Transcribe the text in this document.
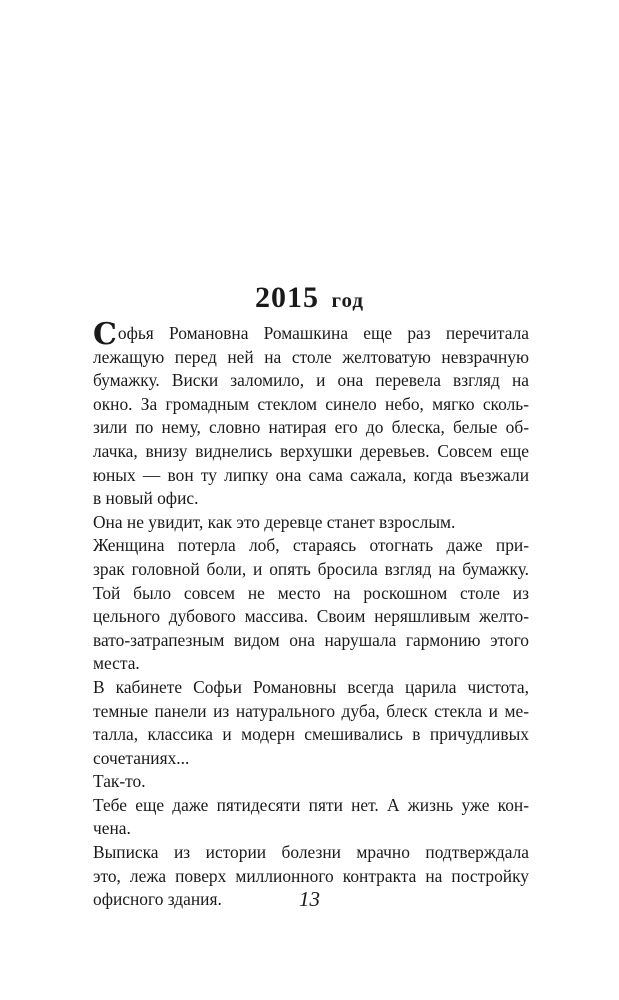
2015 год
Софья Романовна Ромашкина еще раз перечитала
лежащую перед ней на столе желтоватую невзрачную
бумажку. Виски заломило, и она перевела взгляд на
окно. За громадным стеклом синело небо, мягко сколь-
зили по нему, словно натирая его до блеска, белые об-
лачка, внизу виднелись верхушки деревьев. Совсем еще
юных — вон ту липку она сама сажала, когда въезжали
в новый офис.
Она не увидит, как это деревце станет взрослым.
Женщина потерла лоб, стараясь отогнать даже при-
зрак головной боли, и опять бросила взгляд на бумажку.
Той было совсем не место на роскошном столе из
цельного дубового массива. Своим неряшливым желто-
вато-затрапезным видом она нарушала гармонию этого
места.
В кабинете Софьи Романовны всегда царила чистота,
темные панели из натурального дуба, блеск стекла и ме-
талла, классика и модерн смешивались в причудливых
сочетаниях...
Так-то.
Тебе еще даже пятидесяти пяти нет. А жизнь уже кон-
чена.
Выписка из истории болезни мрачно подтверждала
это, лежа поверх миллионного контракта на постройку
офисного здания.	13
